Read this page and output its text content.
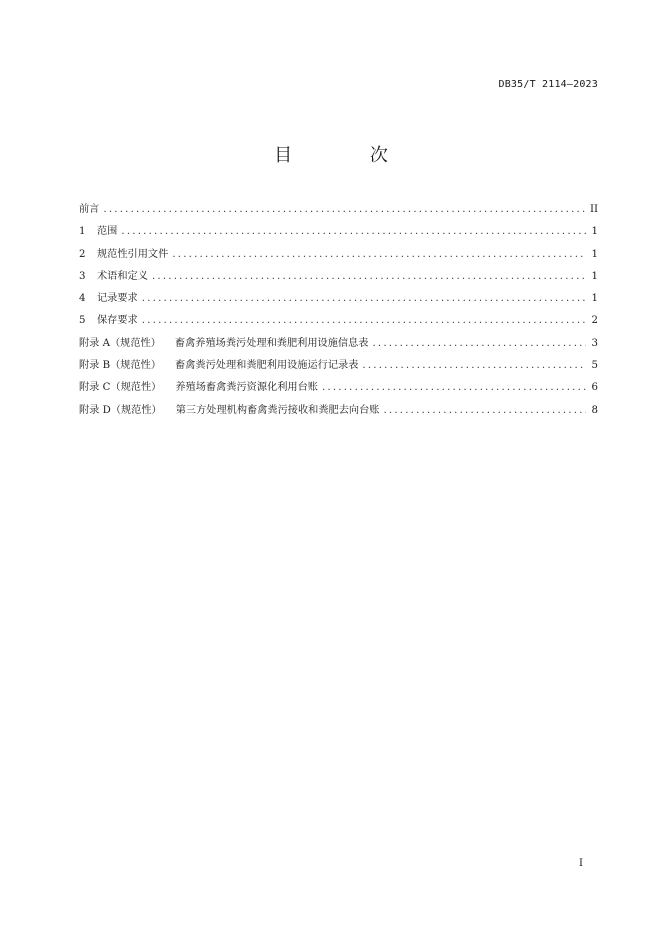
DB35/T 2114—2023
目 次
前言 .....	II
1	范围 .....	1
2	规范性引用文件 .....	1
3	术语和定义 .....	1
4	记录要求 .....	1
5	保存要求 .....	2
附录 A（规范性） 畜禽养殖场粪污处理和粪肥利用设施信息表 .....	3
附录 B（规范性） 畜禽粪污处理和粪肥利用设施运行记录表 .....	5
附录 C（规范性） 养殖场畜禽粪污资源化利用台账 .....	6
附录 D（规范性） 第三方处理机构畜禽粪污接收和粪肥去向台账 .....	8
I
